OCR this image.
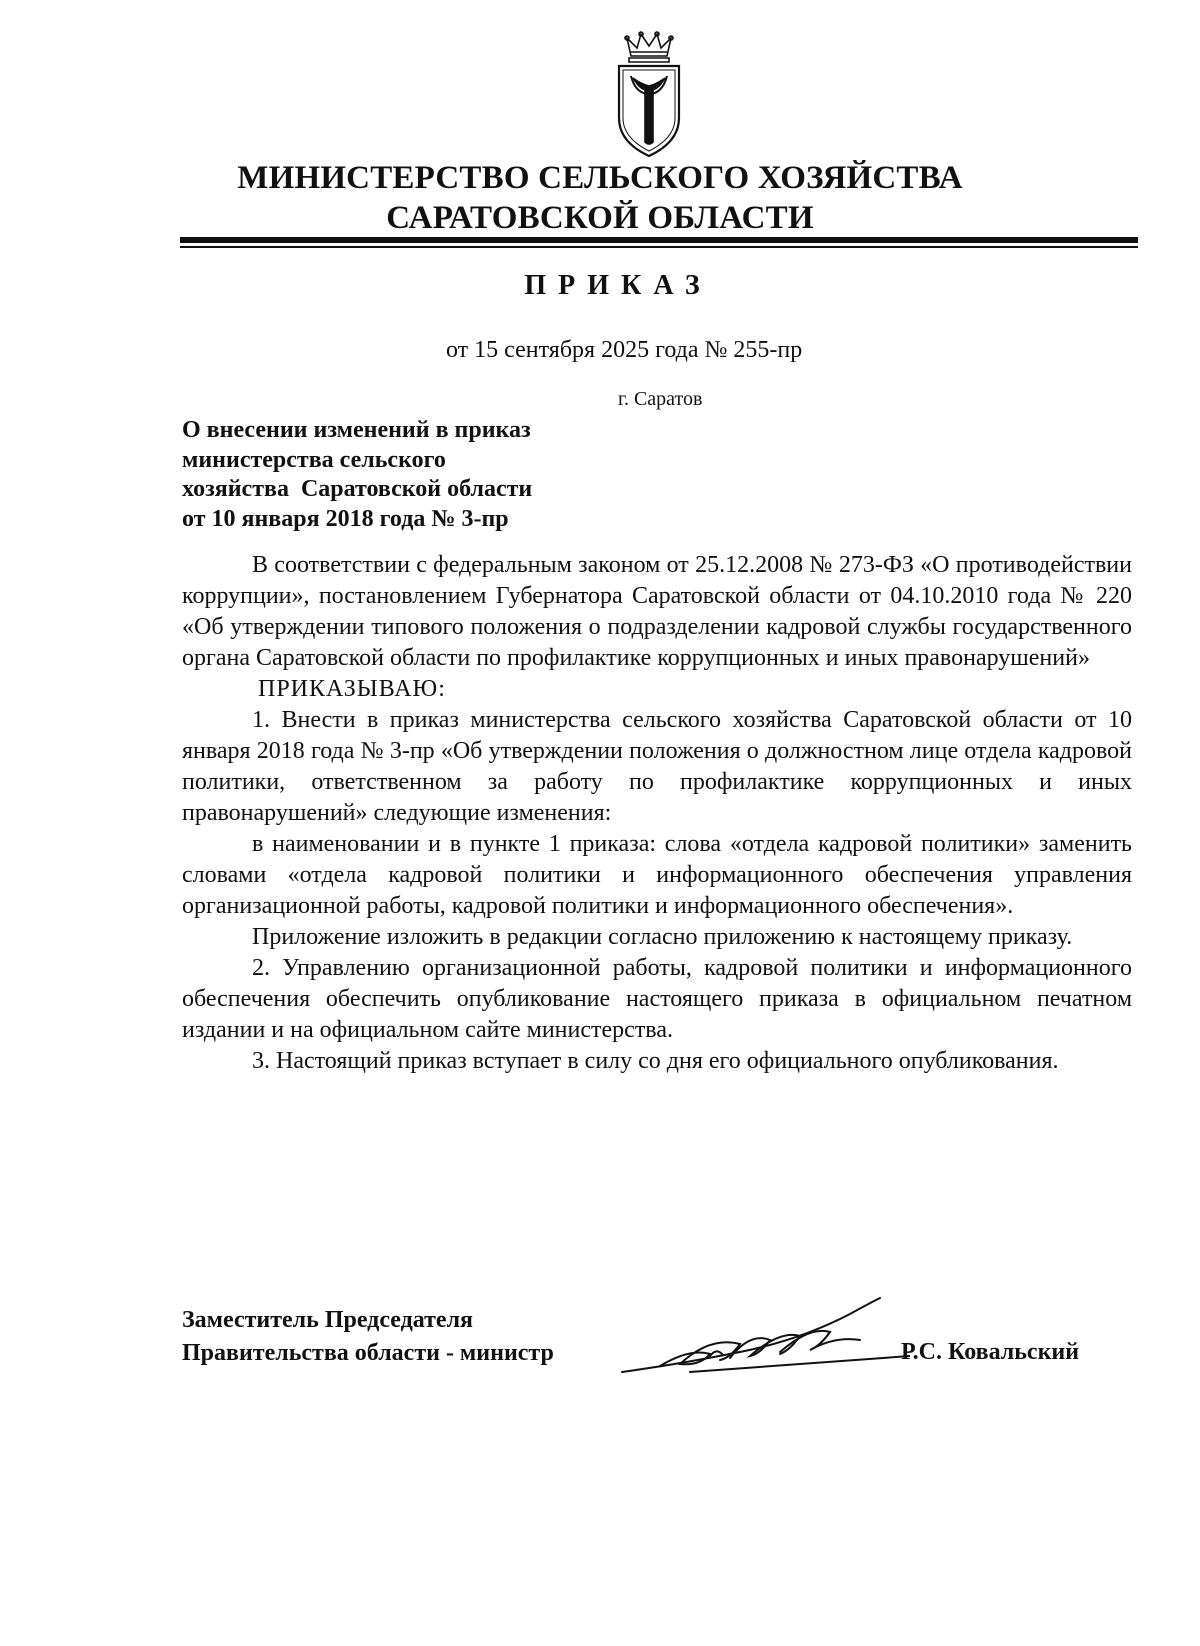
МИНИСТЕРСТВО СЕЛЬСКОГО ХОЗЯЙСТВА
САРАТОВСКОЙ ОБЛАСТИ
ПРИКАЗ
от 15 сентября 2025 года № 255-пр
г. Саратов
О внесении изменений в приказ
министерства сельского
хозяйства  Саратовской области
от 10 января 2018 года № 3-пр

В соответствии с федеральным законом от 25.12.2008 № 273-ФЗ «О противодействии коррупции», постановлением Губернатора Саратовской области от 04.10.2010 года № 220 «Об утверждении типового положения о подразделении кадровой службы государственного органа Саратовской области по профилактике коррупционных и иных правонарушений»

ПРИКАЗЫВАЮ:

1. Внести в приказ министерства сельского хозяйства Саратовской области от 10 января 2018 года № 3-пр «Об утверждении положения о должностном лице отдела кадровой политики, ответственном за работу по профилактике коррупционных и иных правонарушений» следующие изменения:

в наименовании и в пункте 1 приказа: слова «отдела кадровой политики» заменить словами «отдела кадровой политики и информационного обеспечения управления организационной работы, кадровой политики и информационного обеспечения».

Приложение изложить в редакции согласно приложению к настоящему приказу.

2. Управлению организационной работы, кадровой политики и информационного обеспечения обеспечить опубликование настоящего приказа в официальном печатном издании и на официальном сайте министерства.

3. Настоящий приказ вступает в силу со дня его официального опубликования.

Заместитель Председателя
Правительства области - министр	Р.С. Ковальский
